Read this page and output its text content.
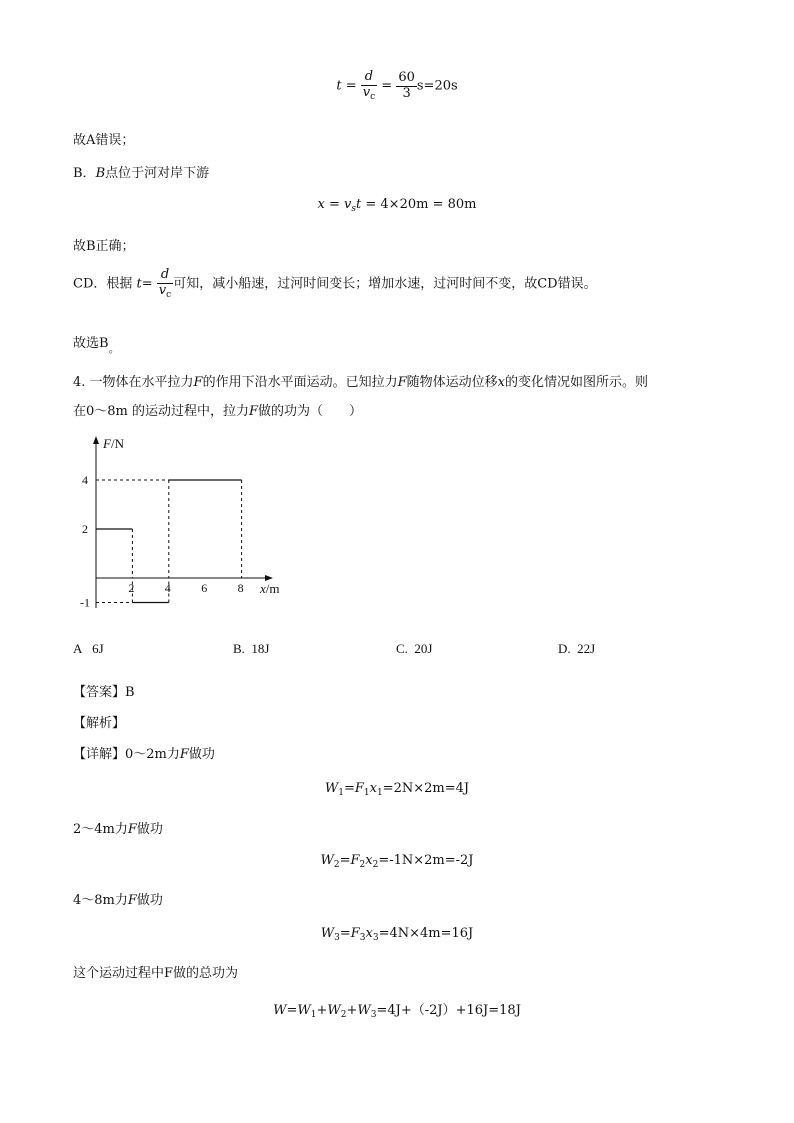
$t = \frac{d}{v_c} = \frac{60}{3} s=20s$
故A错误；
B．B点位于河对岸下游
$x = v_st = 4\times 20m = 80m$
故B正确；
CD．根据 $t= \frac{d}{v_c}$ 可知，减小船速，过河时间变长；增加水速，过河时间不变，故CD错误。
故选$B_。$
4. 一物体在水平拉力F的作用下沿水平面运动。已知拉力F随物体运动位移x的变化情况如图所示。则
在0～8m 的运动过程中，拉力F做的功为（　　）
F/N
x/m
2	4	6	8
4
2
-1
A 6J	B. 18J	C. 20J	D. 22J
【答案】B
【解析】
【详解】0～2m力F做功
$W_1=F_1x_1=2N\times 2m=4J$
2～4m力F做功
$W_2=F_2x_2=-1N\times 2m=-2J$
4～8m力F做功
$W_3=F_3x_3=4N\times 4m=16J$
这个运动过程中F做的总功为
$W=W_1+W_2+W_3=4J+(-2J)+16J=18J$
